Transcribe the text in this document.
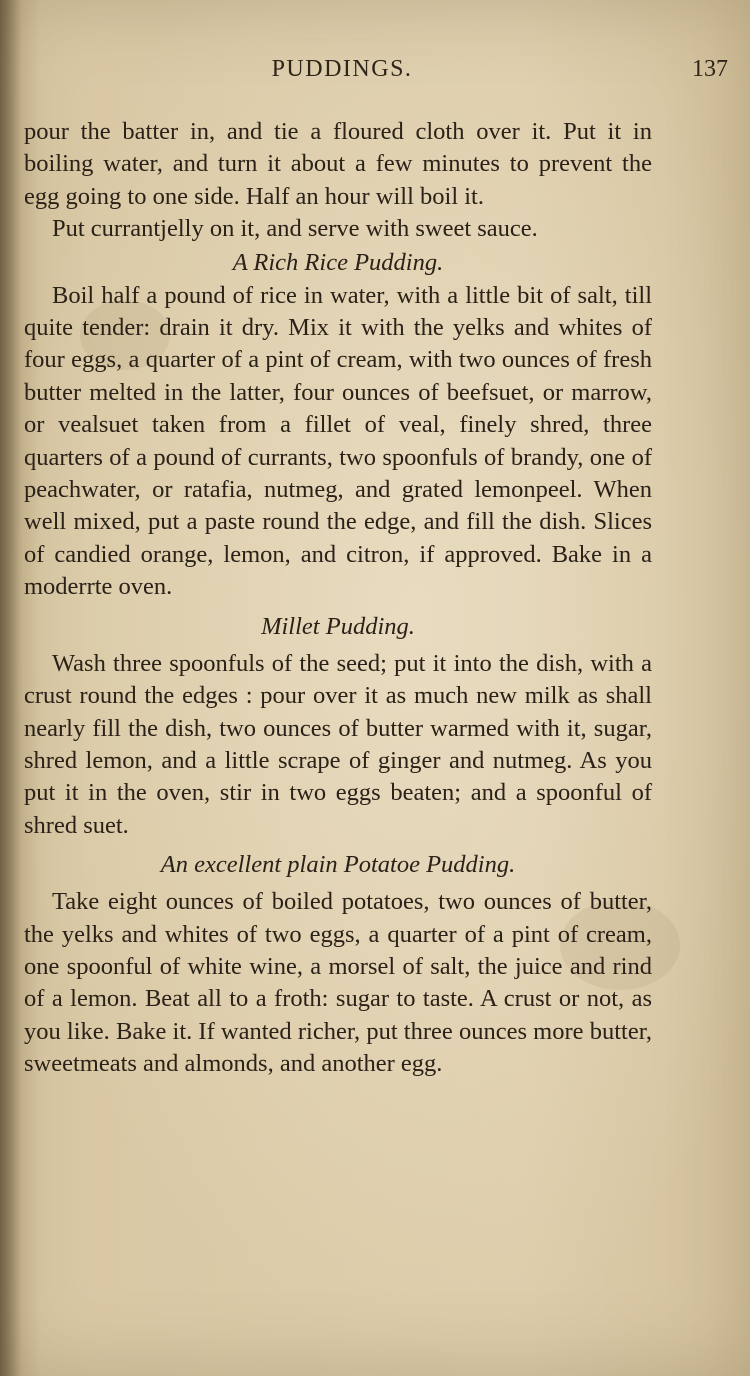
PUDDINGS.	137

pour the batter in, and tie a floured cloth over it. Put it in boiling water, and turn it about a few minutes to prevent the egg going to one side. Half an hour will boil it.

Put currantjelly on it, and serve with sweet sauce.

A Rich Rice Pudding.

Boil half a pound of rice in water, with a little bit of salt, till quite tender: drain it dry. Mix it with the yelks and whites of four eggs, a quarter of a pint of cream, with two ounces of fresh butter melted in the latter, four ounces of beefsuet, or marrow, or vealsuet taken from a fillet of veal, finely shred, three quarters of a pound of currants, two spoonfuls of brandy, one of peachwater, or ratafia, nutmeg, and grated lemonpeel. When well mixed, put a paste round the edge, and fill the dish. Slices of candied orange, lemon, and citron, if approved. Bake in a moderrte oven.

Millet Pudding.

Wash three spoonfuls of the seed; put it into the dish, with a crust round the edges : pour over it as much new milk as shall nearly fill the dish, two ounces of butter warmed with it, sugar, shred lemon, and a little scrape of ginger and nutmeg. As you put it in the oven, stir in two eggs beaten; and a spoonful of shred suet.

An excellent plain Potatoe Pudding.

Take eight ounces of boiled potatoes, two ounces of butter, the yelks and whites of two eggs, a quarter of a pint of cream, one spoonful of white wine, a morsel of salt, the juice and rind of a lemon. Beat all to a froth: sugar to taste. A crust or not, as you like. Bake it. If wanted richer, put three ounces more butter, sweetmeats and almonds, and another egg.
